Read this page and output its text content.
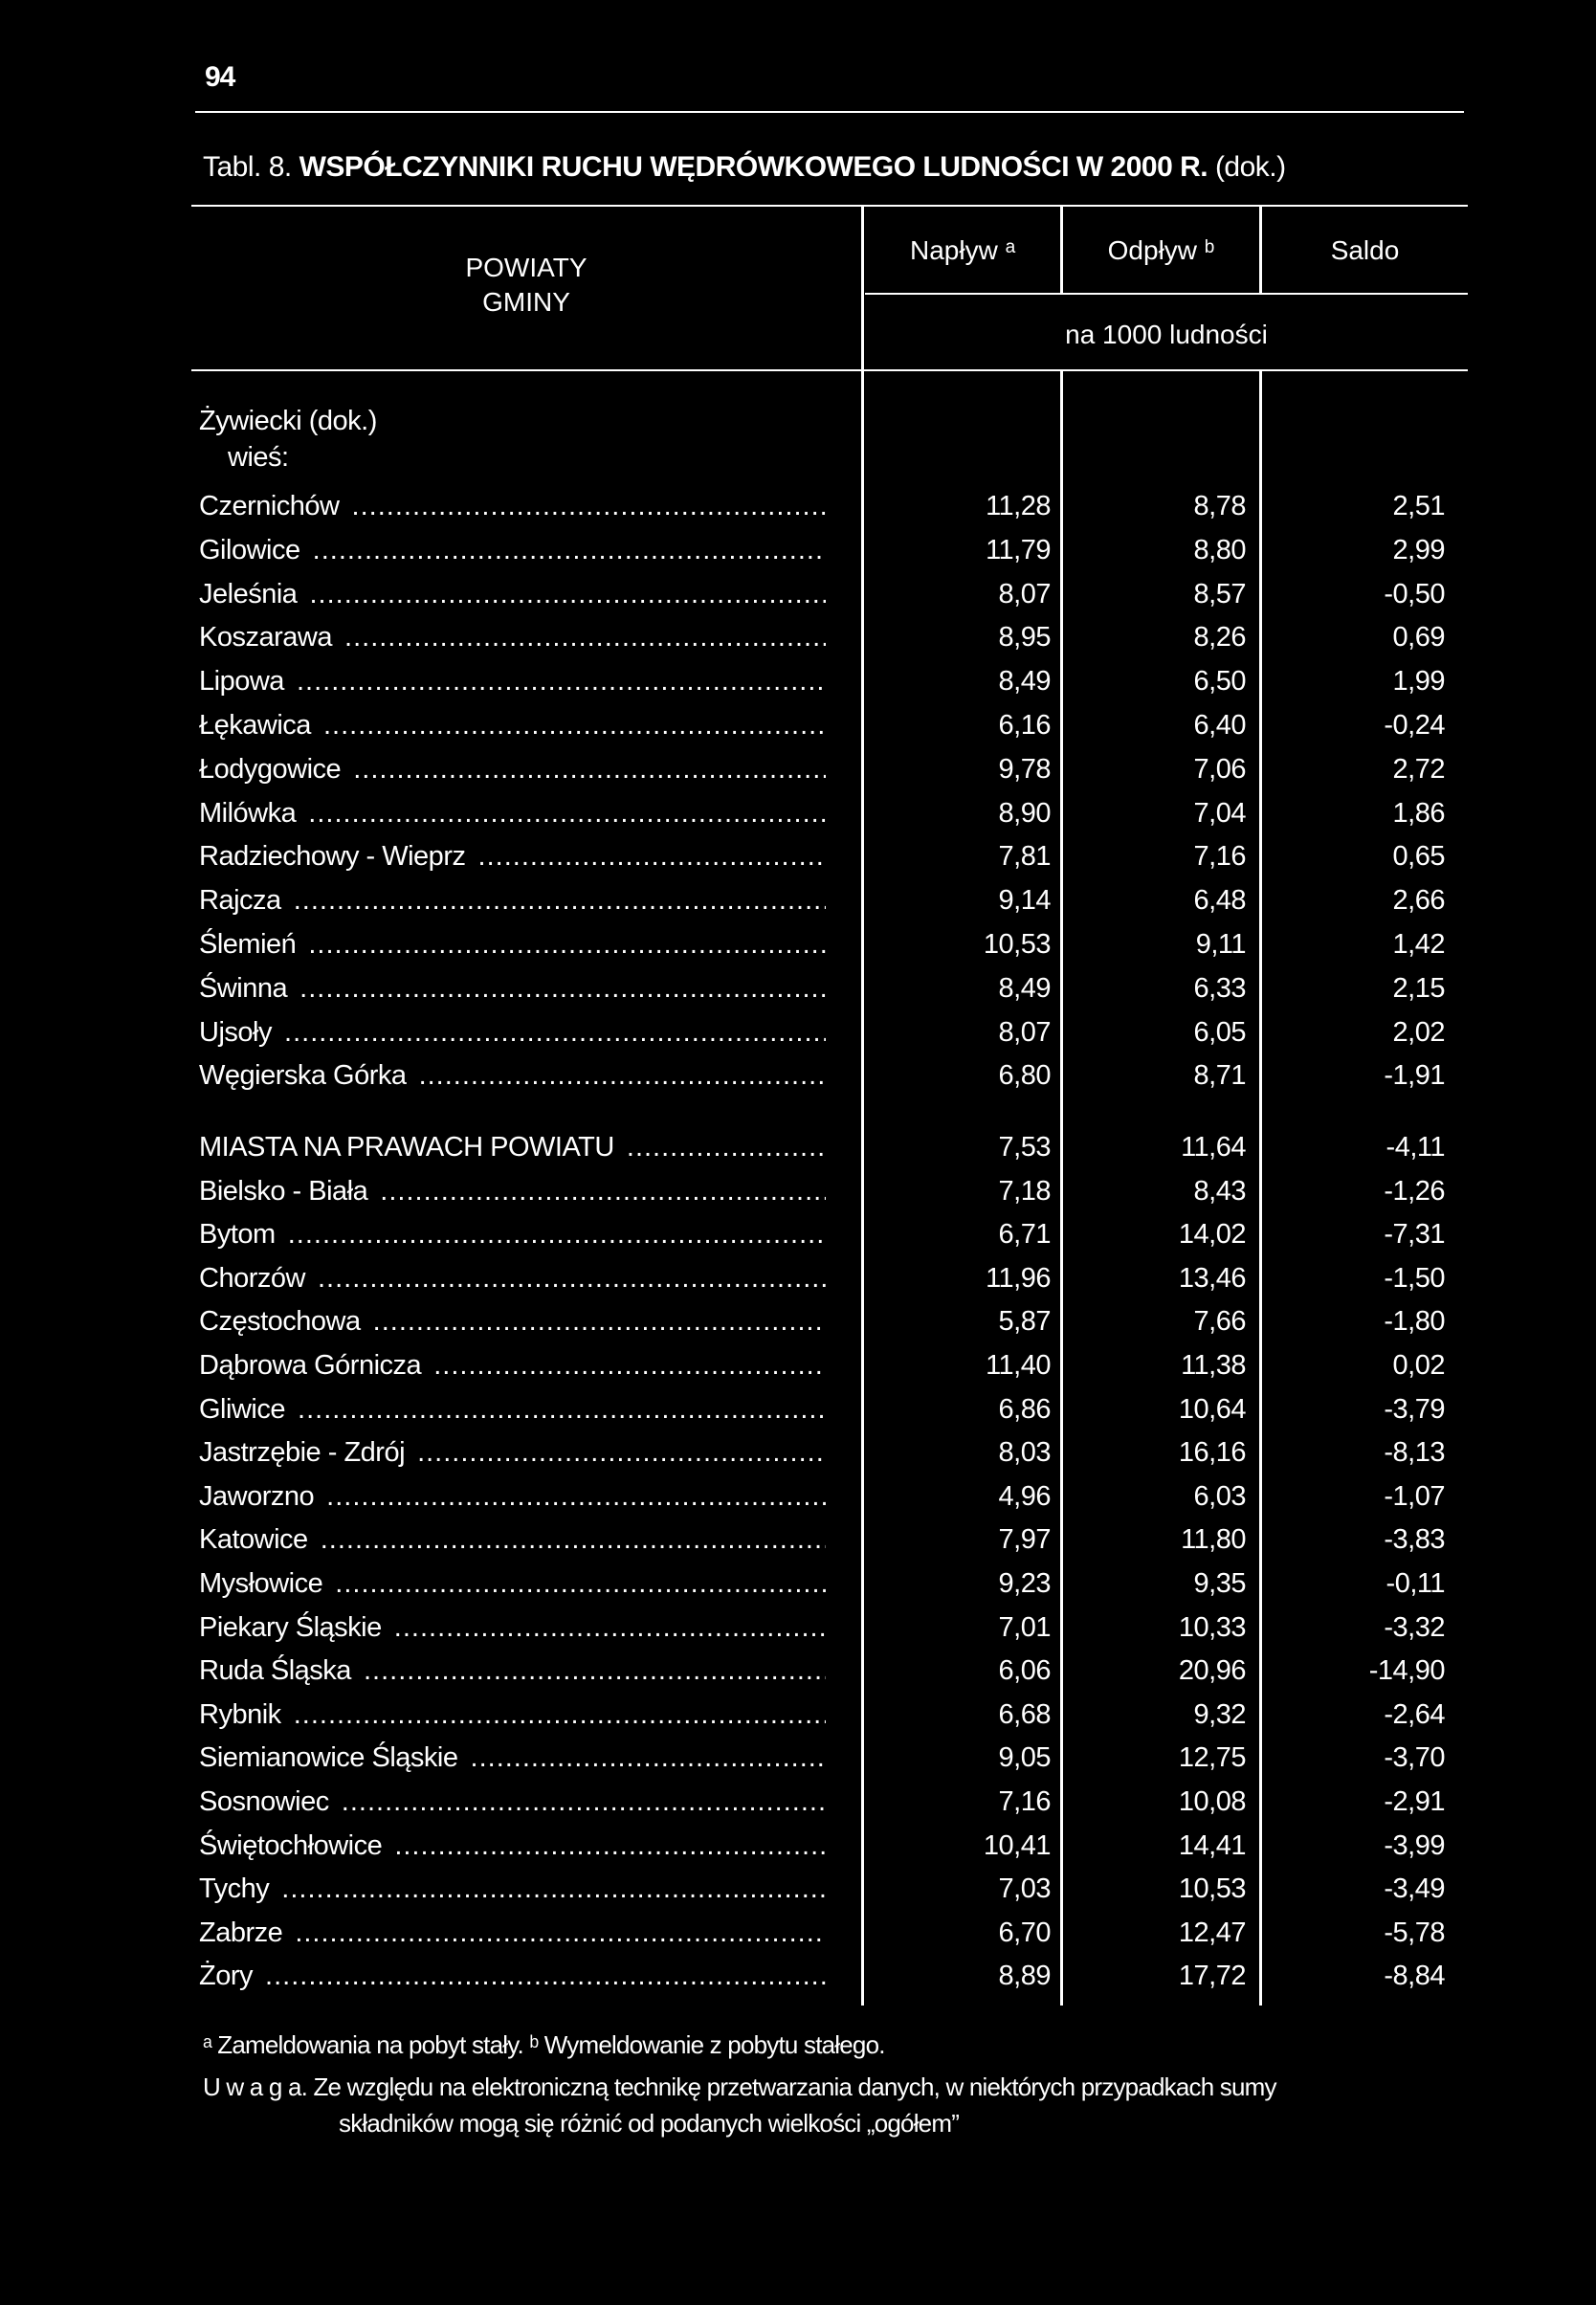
94
Tabl. 8. WSPÓŁCZYNNIKI RUCHU WĘDRÓWKOWEGO LUDNOŚCI W 2000 R. (dok.)
POWIATY
GMINY
Napływ ᵃ	Odpływ ᵇ	Saldo
na 1000 ludności
Żywiecki (dok.)
wieś:
Czernichów .....	11,28	8,78	2,51
Gilowice .....	11,79	8,80	2,99
Jeleśnia .....	8,07	8,57	-0,50
Koszarawa .....	8,95	8,26	0,69
Lipowa .....	8,49	6,50	1,99
Łękawica .....	6,16	6,40	-0,24
Łodygowice .....	9,78	7,06	2,72
Milówka .....	8,90	7,04	1,86
Radziechowy - Wieprz .....	7,81	7,16	0,65
Rajcza .....	9,14	6,48	2,66
Ślemień .....	10,53	9,11	1,42
Świnna .....	8,49	6,33	2,15
Ujsoły .....	8,07	6,05	2,02
Węgierska Górka .....	6,80	8,71	-1,91
MIASTA NA PRAWACH POWIATU .....	7,53	11,64	-4,11
Bielsko - Biała .....	7,18	8,43	-1,26
Bytom .....	6,71	14,02	-7,31
Chorzów .....	11,96	13,46	-1,50
Częstochowa .....	5,87	7,66	-1,80
Dąbrowa Górnicza .....	11,40	11,38	0,02
Gliwice .....	6,86	10,64	-3,79
Jastrzębie - Zdrój .....	8,03	16,16	-8,13
Jaworzno .....	4,96	6,03	-1,07
Katowice .....	7,97	11,80	-3,83
Mysłowice .....	9,23	9,35	-0,11
Piekary Śląskie .....	7,01	10,33	-3,32
Ruda Śląska .....	6,06	20,96	-14,90
Rybnik .....	6,68	9,32	-2,64
Siemianowice Śląskie .....	9,05	12,75	-3,70
Sosnowiec .....	7,16	10,08	-2,91
Świętochłowice .....	10,41	14,41	-3,99
Tychy .....	7,03	10,53	-3,49
Zabrze .....	6,70	12,47	-5,78
Żory .....	8,89	17,72	-8,84
ᵃ Zameldowania na pobyt stały. ᵇ Wymeldowanie z pobytu stałego.
U w a g a. Ze względu na elektroniczną technikę przetwarzania danych, w niektórych przypadkach sumy
składników mogą się różnić od podanych wielkości „ogółem”
